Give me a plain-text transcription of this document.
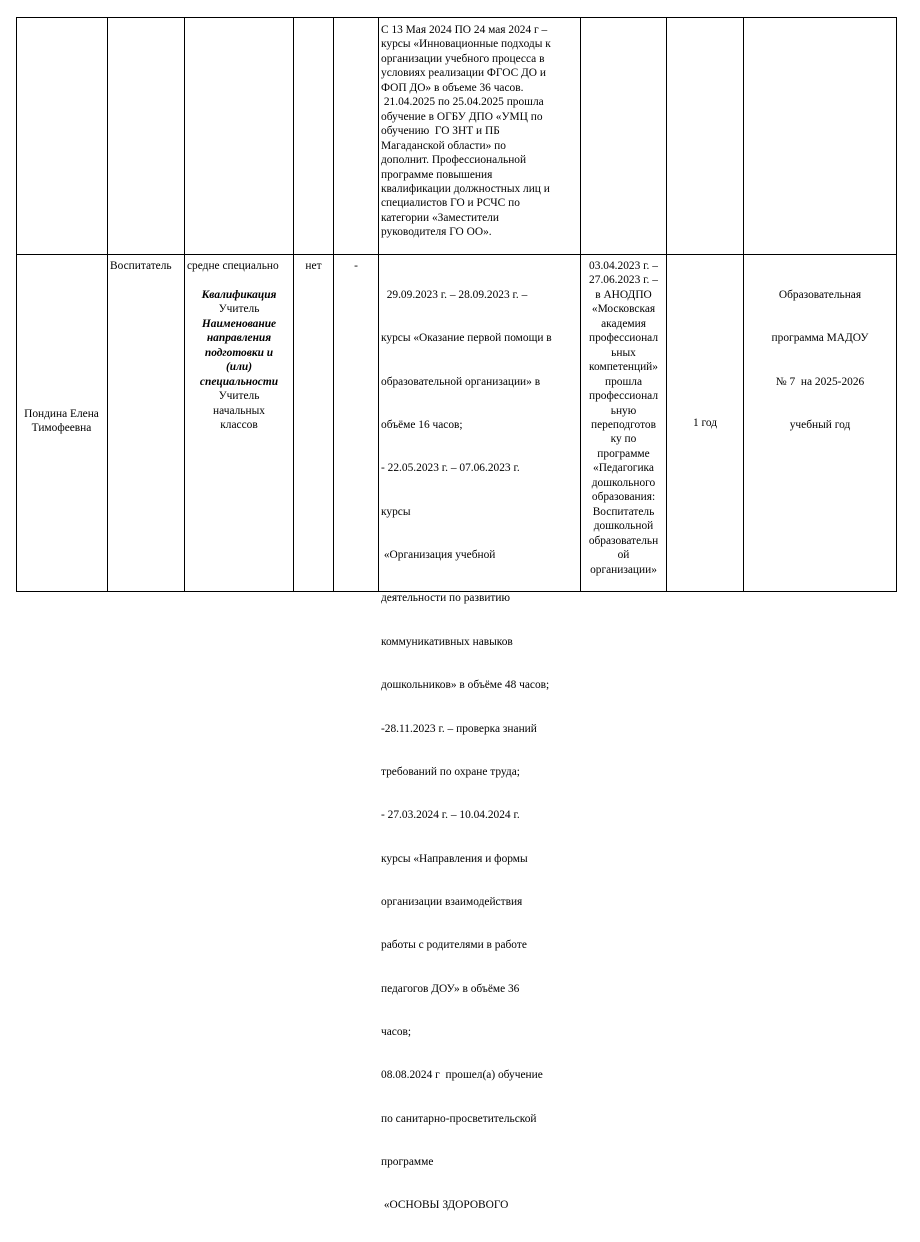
С 13 Мая 2024 ПО 24 мая 2024 г –
курсы «Инновационные подходы к
организации учебного процесса в
условиях реализации ФГОС ДО и
ФОП ДО» в объеме 36 часов.
21.04.2025 по 25.04.2025 прошла
обучение в ОГБУ ДПО «УМЦ по
обучению  ГО ЗНТ и ПБ
Магаданской области» по
дополнит. Профессиональной
программе повышения
квалификации должностных лиц и
специалистов ГО и РСЧС по
категории «Заместители
руководителя ГО ОО».
Пондина Елена
Тимофеевна
Воспитатель средне специально
Квалификация
Учитель
Наименование
направления
подготовки и
(или)
специальности
Учитель
начальных
классов
нет	-

29.09.2023 г. – 28.09.2023 г. –

курсы «Оказание первой помощи в

образовательной организации» в

объёме 16 часов;

- 22.05.2023 г. – 07.06.2023 г.

курсы

«Организация учебной

деятельности по развитию

коммуникативных навыков

дошкольников» в объёме 48 часов;

-28.11.2023 г. – проверка знаний

требований по охране труда;

- 27.03.2024 г. – 10.04.2024 г.

курсы «Направления и формы

организации взаимодействия

работы с родителями в работе

педагогов ДОУ» в объёме 36

часов;

08.08.2024 г  прошел(а) обучение

по санитарно-просветительской

программе

«ОСНОВЫ ЗДОРОВОГО

03.04.2023 г. –
27.06.2023 г. –
в АНОДПО
«Московская
академия
профессионал
ьных
компетенций»
прошла
профессионал
ьную
переподготов
ку по
программе
«Педагогика
дошкольного
образования:
Воспитатель
дошкольной
образовательн
ой
организации»
1 год

Образовательная

программа МАДОУ

№ 7  на 2025-2026

учебный год
